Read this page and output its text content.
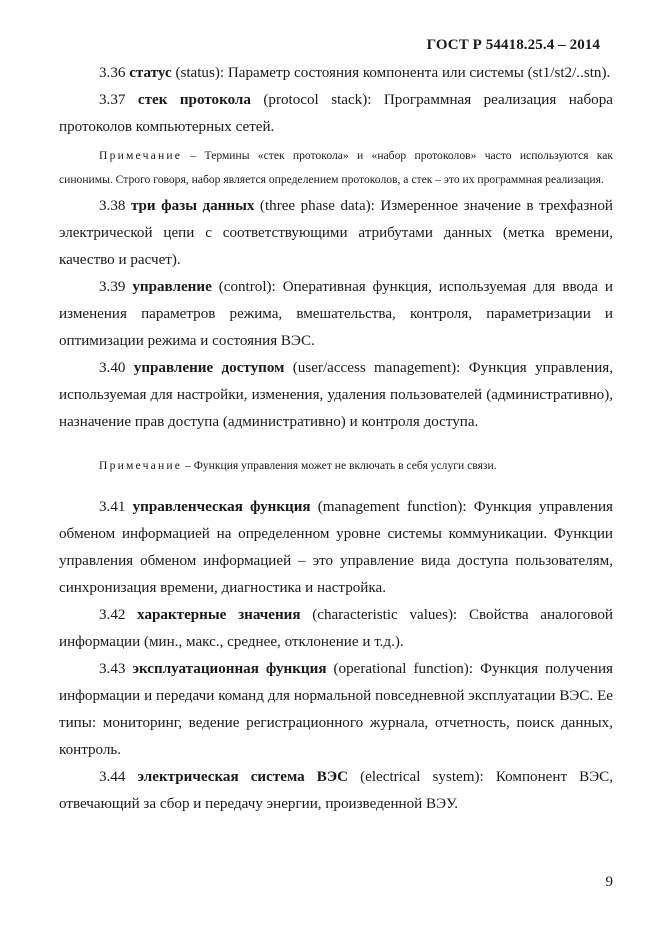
ГОСТ Р 54418.25.4 – 2014

3.36 статус (status): Параметр состояния компонента или системы (st1/st2/..stn).

3.37 стек протокола (protocol stack): Программная реализация набора протоколов компьютерных сетей.

Примечание – Термины «стек протокола» и «набор протоколов» часто используются как синонимы. Строго говоря, набор является определением протоколов, а стек – это их программная реализация.

3.38 три фазы данных (three phase data): Измеренное значение в трехфазной электрической цепи с соответствующими атрибутами данных (метка времени, качество и расчет).

3.39 управление (control): Оперативная функция, используемая для ввода и изменения параметров режима, вмешательства, контроля, параметризации и оптимизации режима и состояния ВЭС.

3.40 управление доступом (user/access management): Функция управления, используемая для настройки, изменения, удаления пользователей (административно), назначение прав доступа (административно) и контроля доступа.

Примечание – Функция управления может не включать в себя услуги связи.

3.41 управленческая функция (management function): Функция управления обменом информацией на определенном уровне системы коммуникации. Функции управления обменом информацией – это управление вида доступа пользователям, синхронизация времени, диагностика и настройка.

3.42 характерные значения (characteristic values): Свойства аналоговой информации (мин., макс., среднее, отклонение и т.д.).

3.43 эксплуатационная функция (operational function): Функция получения информации и передачи команд для нормальной повседневной эксплуатации ВЭС. Ее типы: мониторинг, ведение регистрационного журнала, отчетность, поиск данных, контроль.

3.44 электрическая система ВЭС (electrical system): Компонент ВЭС, отвечающий за сбор и передачу энергии, произведенной ВЭУ.

9
